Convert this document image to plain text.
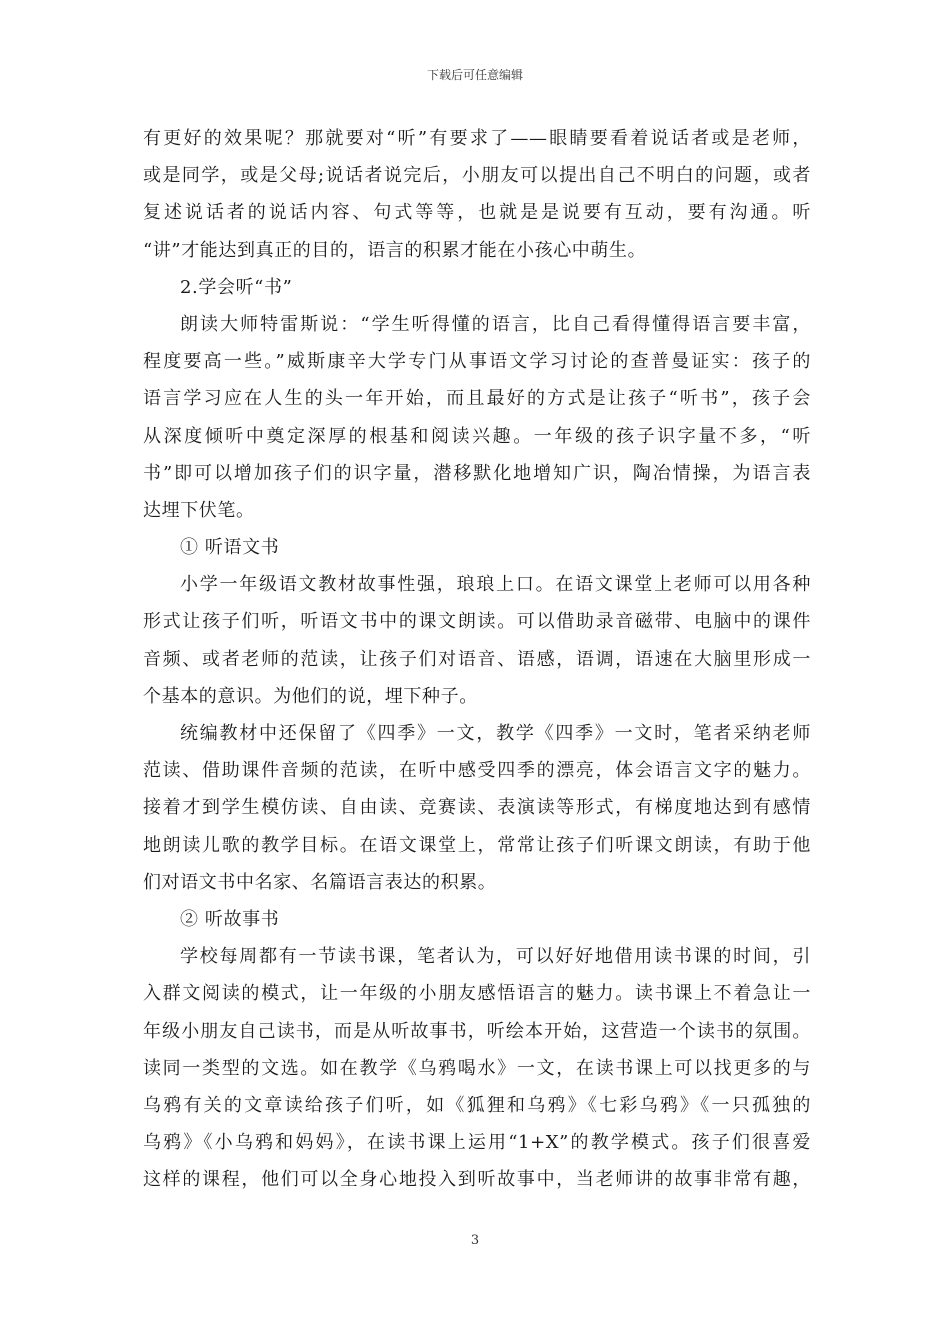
下载后可任意编辑
有更好的效果呢？那就要对“听”有要求了——眼睛要看着说话者或是老师，
或是同学，或是父母;说话者说完后，小朋友可以提出自己不明白的问题，或者
复述说话者的说话内容、句式等等，也就是是说要有互动，要有沟通。听
“讲”才能达到真正的目的，语言的积累才能在小孩心中萌生。
2.学会听“书”
朗读大师特雷斯说：“学生听得懂的语言，比自己看得懂得语言要丰富，
程度要高一些。”威斯康辛大学专门从事语文学习讨论的查普曼证实：孩子的
语言学习应在人生的头一年开始，而且最好的方式是让孩子“听书”，孩子会
从深度倾听中奠定深厚的根基和阅读兴趣。一年级的孩子识字量不多，“听
书”即可以增加孩子们的识字量，潜移默化地增知广识，陶冶情操，为语言表
达埋下伏笔。
① 听语文书
小学一年级语文教材故事性强，琅琅上口。在语文课堂上老师可以用各种
形式让孩子们听，听语文书中的课文朗读。可以借助录音磁带、电脑中的课件
音频、或者老师的范读，让孩子们对语音、语感，语调，语速在大脑里形成一
个基本的意识。为他们的说，埋下种子。
统编教材中还保留了《四季》一文，教学《四季》一文时，笔者采纳老师
范读、借助课件音频的范读，在听中感受四季的漂亮，体会语言文字的魅力。
接着才到学生模仿读、自由读、竞赛读、表演读等形式，有梯度地达到有感情
地朗读儿歌的教学目标。在语文课堂上，常常让孩子们听课文朗读，有助于他
们对语文书中名家、名篇语言表达的积累。
② 听故事书
学校每周都有一节读书课，笔者认为，可以好好地借用读书课的时间，引
入群文阅读的模式，让一年级的小朋友感悟语言的魅力。读书课上不着急让一
年级小朋友自己读书，而是从听故事书，听绘本开始，这营造一个读书的氛围。
读同一类型的文选。如在教学《乌鸦喝水》一文，在读书课上可以找更多的与
乌鸦有关的文章读给孩子们听，如《狐狸和乌鸦》《七彩乌鸦》《一只孤独的
乌鸦》《小乌鸦和妈妈》，在读书课上运用“1+X”的教学模式。孩子们很喜爱
这样的课程，他们可以全身心地投入到听故事中，当老师讲的故事非常有趣，
3
